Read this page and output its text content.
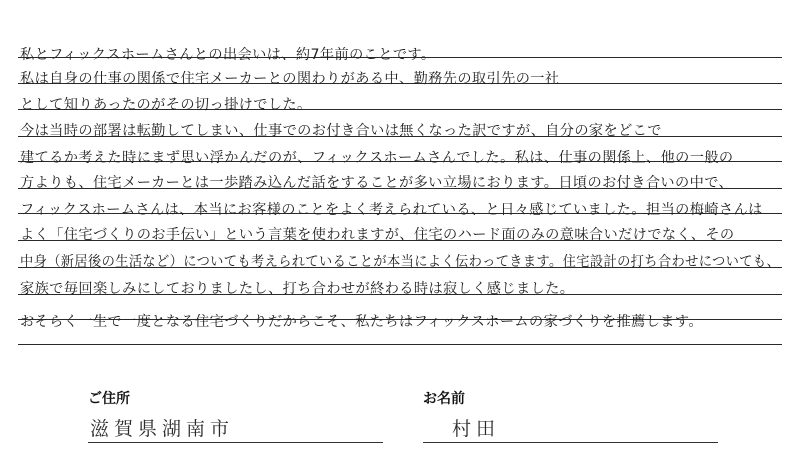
私とフィックスホームさんとの出会いは、約7年前のことです。
私は自身の仕事の関係で住宅メーカーとの関わりがある中、勤務先の取引先の一社
として知りあったのがその切っ掛けでした。
今は当時の部署は転勤してしまい、仕事でのお付き合いは無くなった訳ですが、自分の家をどこで
建てるか考えた時にまず思い浮かんだのが、フィックスホームさんでした。私は、仕事の関係上、他の一般の
方よりも、住宅メーカーとは一歩踏み込んだ話をすることが多い立場におります。日頃のお付き合いの中で、
フィックスホームさんは、本当にお客様のことをよく考えられている、と日々感じていました。担当の梅崎さんは
よく「住宅づくりのお手伝い」という言葉を使われますが、住宅のハード面のみの意味合いだけでなく、その
中身（新居後の生活など）についても考えられていることが本当によく伝わってきます。住宅設計の打ち合わせについても、
家族で毎回楽しみにしておりましたし、打ち合わせが終わる時は寂しく感じました。
おそらく一生で一度となる住宅づくりだからこそ、私たちはフィックスホームの家づくりを推薦します。
ご住所
滋賀県湖南市
お名前
村田
